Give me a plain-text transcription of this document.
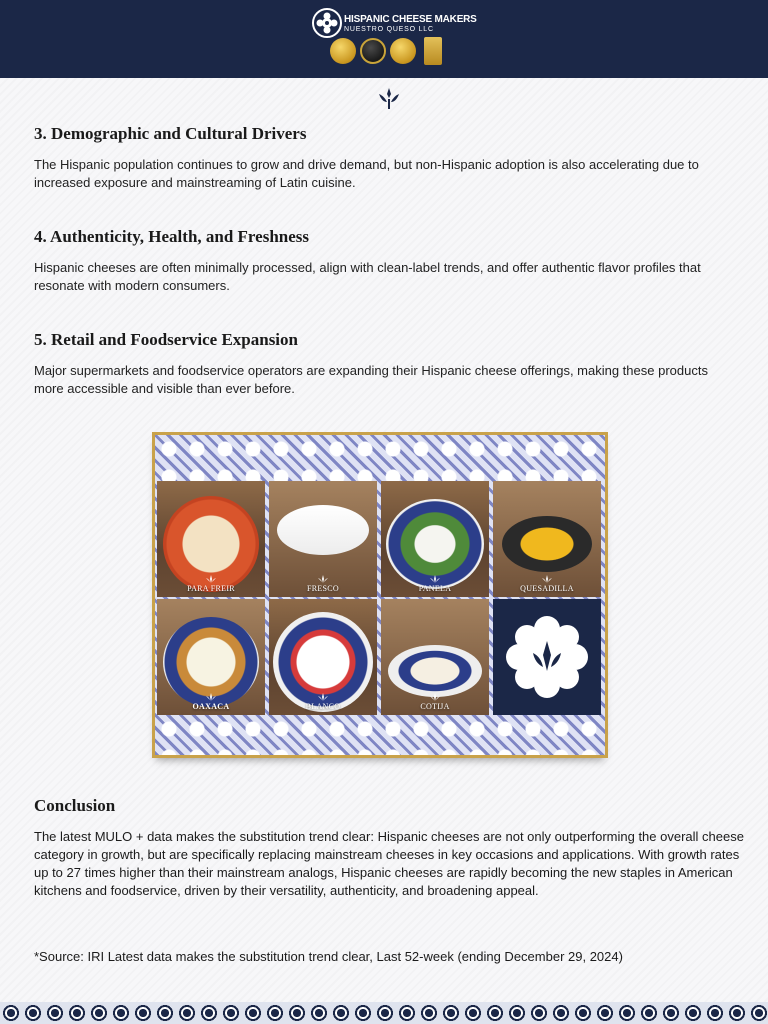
HISPANIC CHEESE MAKERS
NUESTRO QUESO LLC
3. Demographic and Cultural Drivers

The Hispanic population continues to grow and drive demand, but non-Hispanic adoption is also accelerating due to increased exposure and mainstreaming of Latin cuisine.

4. Authenticity, Health, and Freshness

Hispanic cheeses are often minimally processed, align with clean-label trends, and offer authentic flavor profiles that resonate with modern consumers.

5. Retail and Foodservice Expansion

Major supermarkets and foodservice operators are expanding their Hispanic cheese offerings, making these products more accessible and visible than ever before.

PARA FREIR	FRESCO	PANELA	QUESADILLA
OAXACA	BLANCO	COTIJA
Conclusion

The latest MULO + data makes the substitution trend clear: Hispanic cheeses are not only outperforming the overall cheese category in growth, but are specifically replacing mainstream cheeses in key occasions and applications. With growth rates up to 27 times higher than their mainstream analogs, Hispanic cheeses are rapidly becoming the new staples in American kitchens and foodservice, driven by their versatility, authenticity, and broadening appeal.

*Source: IRI Latest data makes the substitution trend clear, Last 52-week (ending December 29, 2024)
